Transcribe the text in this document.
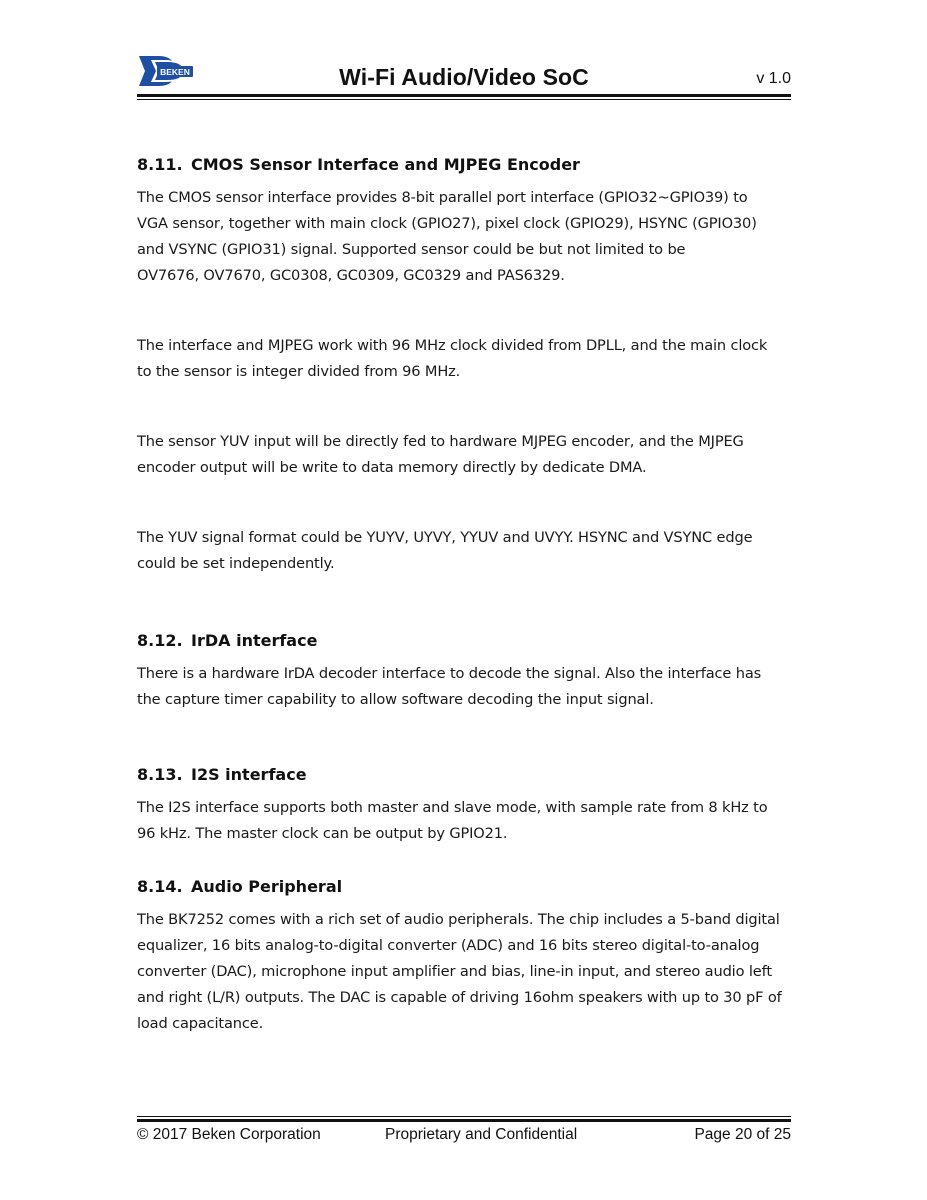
BEKEN	Wi-Fi Audio/Video SoC	v 1.0
8.11. CMOS Sensor Interface and MJPEG Encoder

The CMOS sensor interface provides 8-bit parallel port interface (GPIO32~GPIO39) to
VGA sensor, together with main clock (GPIO27), pixel clock (GPIO29), HSYNC (GPIO30)
and VSYNC (GPIO31) signal. Supported sensor could be but not limited to be
OV7676, OV7670, GC0308, GC0309, GC0329 and PAS6329.

The interface and MJPEG work with 96 MHz clock divided from DPLL, and the main clock
to the sensor is integer divided from 96 MHz.

The sensor YUV input will be directly fed to hardware MJPEG encoder, and the MJPEG
encoder output will be write to data memory directly by dedicate DMA.

The YUV signal format could be YUYV, UYVY, YYUV and UVYY. HSYNC and VSYNC edge
could be set independently.

8.12. IrDA interface

There is a hardware IrDA decoder interface to decode the signal. Also the interface has
the capture timer capability to allow software decoding the input signal.

8.13. I2S interface

The I2S interface supports both master and slave mode, with sample rate from 8 kHz to
96 kHz. The master clock can be output by GPIO21.

8.14. Audio Peripheral

The BK7252 comes with a rich set of audio peripherals. The chip includes a 5-band digital
equalizer, 16 bits analog-to-digital converter (ADC) and 16 bits stereo digital-to-analog
converter (DAC), microphone input amplifier and bias, line-in input, and stereo audio left
and right (L/R) outputs. The DAC is capable of driving 16ohm speakers with up to 30 pF of
load capacitance.

© 2017 Beken Corporation	Proprietary and Confidential	Page 20 of 25
